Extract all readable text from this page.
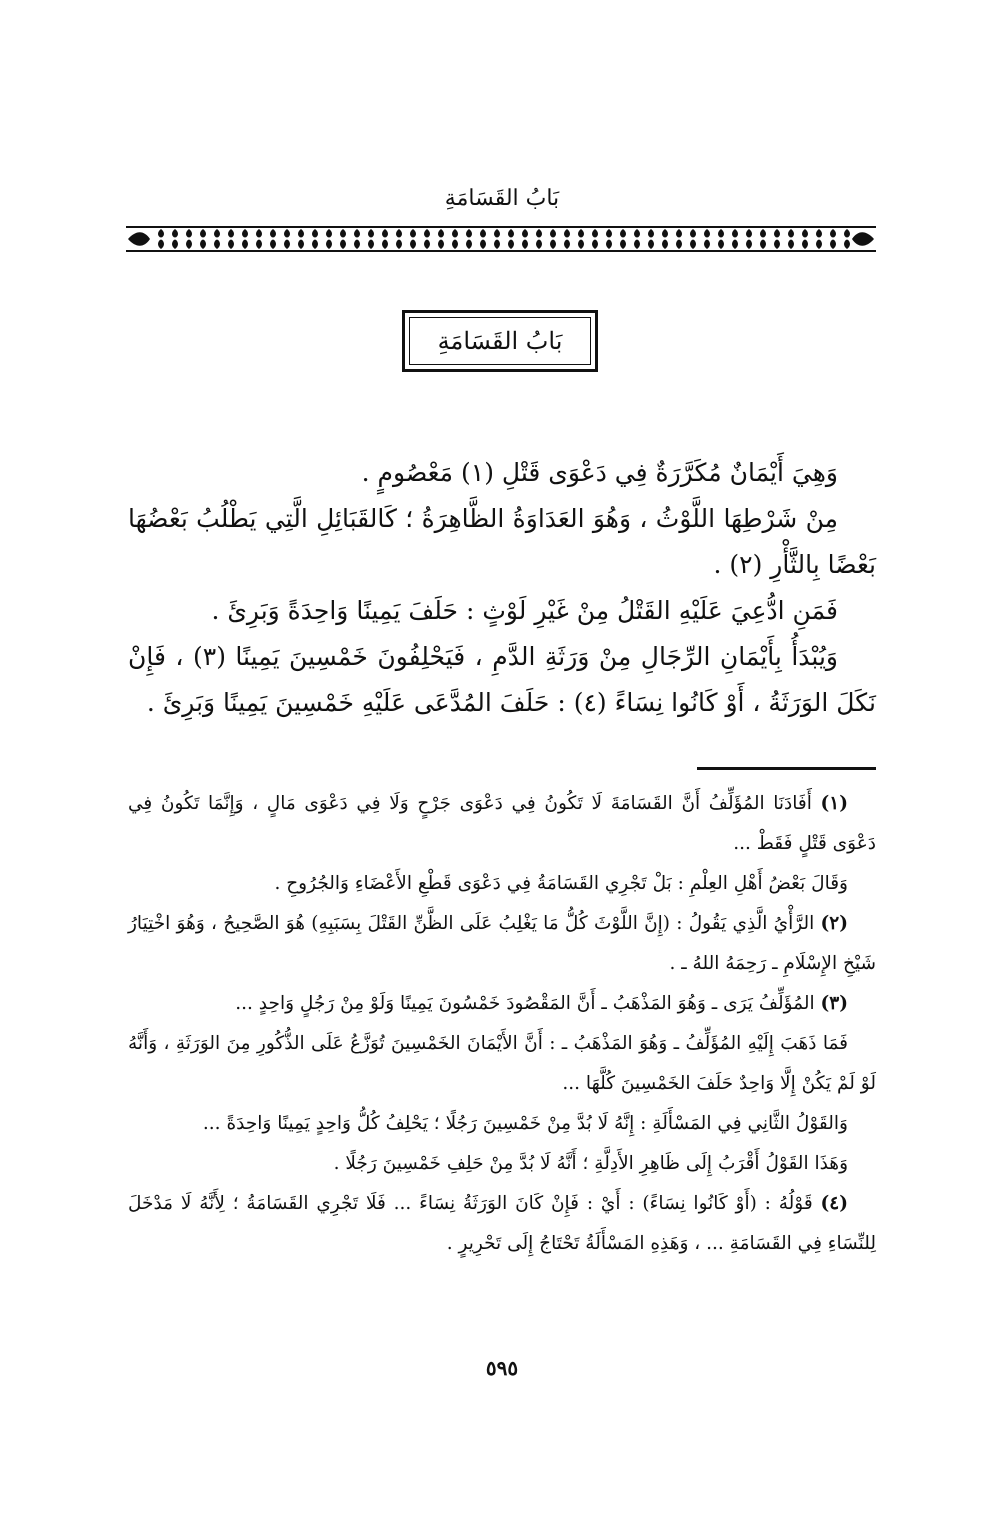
بَابُ القَسَامَةِ
بَابُ القَسَامَةِ

وَهِيَ أَيْمَانٌ مُكَرَّرَةٌ فِي دَعْوَى قَتْلِ (١) مَعْصُومٍ .

مِنْ شَرْطِهَا اللَّوْثُ ، وَهُوَ العَدَاوَةُ الظَّاهِرَةُ ؛ كَالقَبَائِلِ الَّتِي يَطْلُبُ بَعْضُهَا بَعْضًا بِالثَّأْرِ (٢) .

فَمَنِ ادُّعِيَ عَلَيْهِ القَتْلُ مِنْ غَيْرِ لَوْثٍ : حَلَفَ يَمِينًا وَاحِدَةً وَبَرِئَ .

وَيُبْدَأُ بِأَيْمَانِ الرِّجَالِ مِنْ وَرَثَةِ الدَّمِ ، فَيَحْلِفُونَ خَمْسِينَ يَمِينًا (٣) ، فَإِنْ نَكَلَ الوَرَثَةُ ، أَوْ كَانُوا نِسَاءً (٤) : حَلَفَ المُدَّعَى عَلَيْهِ خَمْسِينَ يَمِينًا وَبَرِئَ .

(١) أَفَادَنَا المُؤَلِّفُ أَنَّ القَسَامَةَ لَا تَكُونُ فِي دَعْوَى جَرْحٍ وَلَا فِي دَعْوَى مَالٍ ، وَإِنَّمَا تَكُونُ فِي دَعْوَى قَتْلٍ فَقَطْ ...

وَقَالَ بَعْضُ أَهْلِ العِلْمِ : بَلْ تَجْرِي القَسَامَةُ فِي دَعْوَى قَطْعِ الأَعْضَاءِ وَالجُرُوحِ .

(٢) الرَّأْيُ الَّذِي يَقُولُ : (إِنَّ اللَّوْثَ كُلُّ مَا يَغْلِبُ عَلَى الظَّنِّ القَتْلَ بِسَبَبِهِ) هُوَ الصَّحِيحُ ، وَهُوَ اخْتِيَارُ شَيْخِ الإِسْلَامِ ـ رَحِمَهُ اللهُ ـ .

(٣) المُؤَلِّفُ يَرَى ـ وَهُوَ المَذْهَبُ ـ أَنَّ المَقْصُودَ خَمْسُونَ يَمِينًا وَلَوْ مِنْ رَجُلٍ وَاحِدٍ ...

فَمَا ذَهَبَ إِلَيْهِ المُؤَلِّفُ ـ وَهُوَ المَذْهَبُ ـ : أَنَّ الأَيْمَانَ الخَمْسِينَ تُوَزَّعُ عَلَى الذُّكُورِ مِنَ الوَرَثَةِ ، وَأَنَّهُ لَوْ لَمْ يَكُنْ إِلَّا وَاحِدٌ حَلَفَ الخَمْسِينَ كُلَّهَا ...

وَالقَوْلُ الثَّانِي فِي المَسْأَلَةِ : إِنَّهُ لَا بُدَّ مِنْ خَمْسِينَ رَجُلًا ؛ يَحْلِفُ كُلُّ وَاحِدٍ يَمِينًا وَاحِدَةً ...

وَهَذَا القَوْلُ أَقْرَبُ إِلَى ظَاهِرِ الأَدِلَّةِ ؛ أَنَّهُ لَا بُدَّ مِنْ حَلِفِ خَمْسِينَ رَجُلًا .

(٤) قَوْلُهُ : (أَوْ كَانُوا نِسَاءً) : أَيْ : فَإِنْ كَانَ الوَرَثَةُ نِسَاءً ... فَلَا تَجْرِي القَسَامَةُ ؛ لِأَنَّهُ لَا مَدْخَلَ لِلنِّسَاءِ فِي القَسَامَةِ ... ، وَهَذِهِ المَسْأَلَةُ تَحْتَاجُ إِلَى تَحْرِيرٍ .

٥٩٥
